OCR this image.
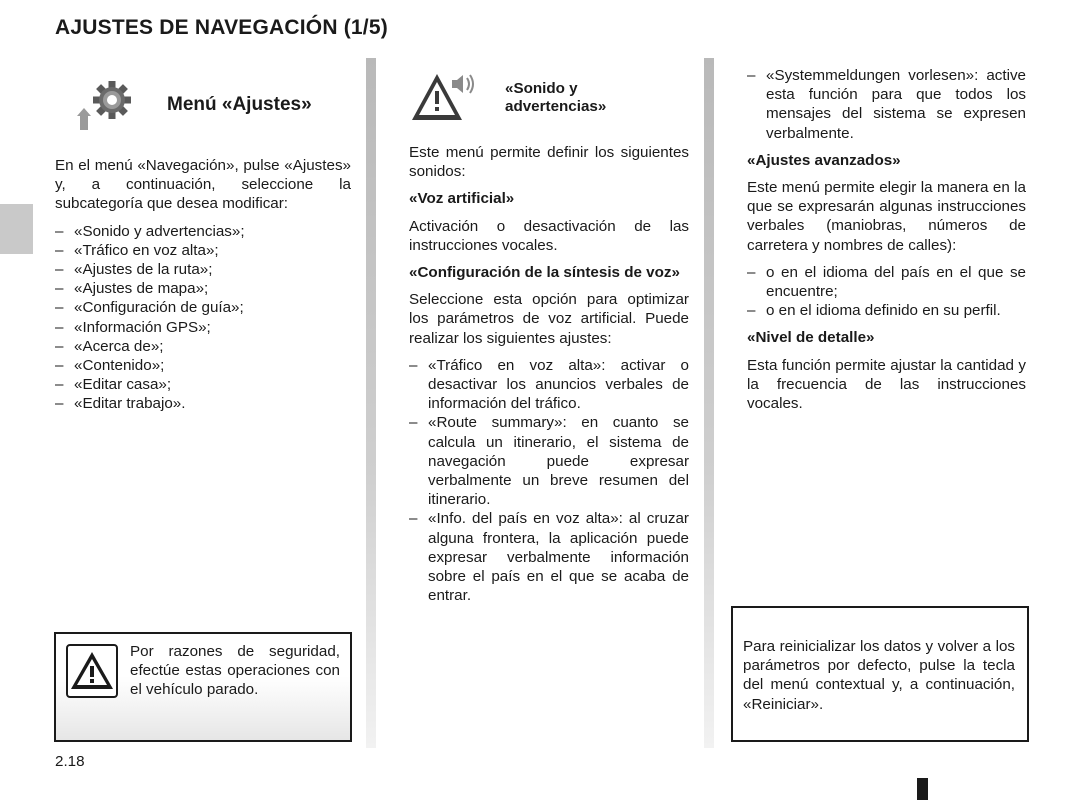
AJUSTES DE NAVEGACIÓN (1/5)
Menú «Ajustes»

En el menú «Navegación», pulse «Ajustes» y, a continuación, seleccione la subcategoría que desea modificar:

– «Sonido y advertencias»;
– «Tráfico en voz alta»;
– «Ajustes de la ruta»;
– «Ajustes de mapa»;
– «Configuración de guía»;
– «Información GPS»;
– «Acerca de»;
– «Contenido»;
– «Editar casa»;
– «Editar trabajo».
Por razones de seguridad, efectúe estas operaciones con el vehículo parado.
«Sonido y advertencias»

Este menú permite definir los siguientes sonidos:

«Voz artificial»

Activación o desactivación de las instrucciones vocales.

«Configuración de la síntesis de voz»

Seleccione esta opción para optimizar los parámetros de voz artificial. Puede realizar los siguientes ajustes:

– «Tráfico en voz alta»: activar o desactivar los anuncios verbales de información del tráfico.
– «Route summary»: en cuanto se calcula un itinerario, el sistema de navegación puede expresar verbalmente un breve resumen del itinerario.
– «Info. del país en voz alta»: al cruzar alguna frontera, la aplicación puede expresar verbalmente información sobre el país en el que se acaba de entrar.
– «Systemmeldungen vorlesen»: active esta función para que todos los mensajes del sistema se expresen verbalmente.
«Ajustes avanzados»

Este menú permite elegir la manera en la que se expresarán algunas instrucciones verbales (maniobras, números de carretera y nombres de calles):

– o en el idioma del país en el que se encuentre;
– o en el idioma definido en su perfil.
«Nivel de detalle»

Esta función permite ajustar la cantidad y la frecuencia de las instrucciones vocales.

Para reinicializar los datos y volver a los parámetros por defecto, pulse la tecla del menú contextual y, a continuación, «Reiniciar».
2.18
